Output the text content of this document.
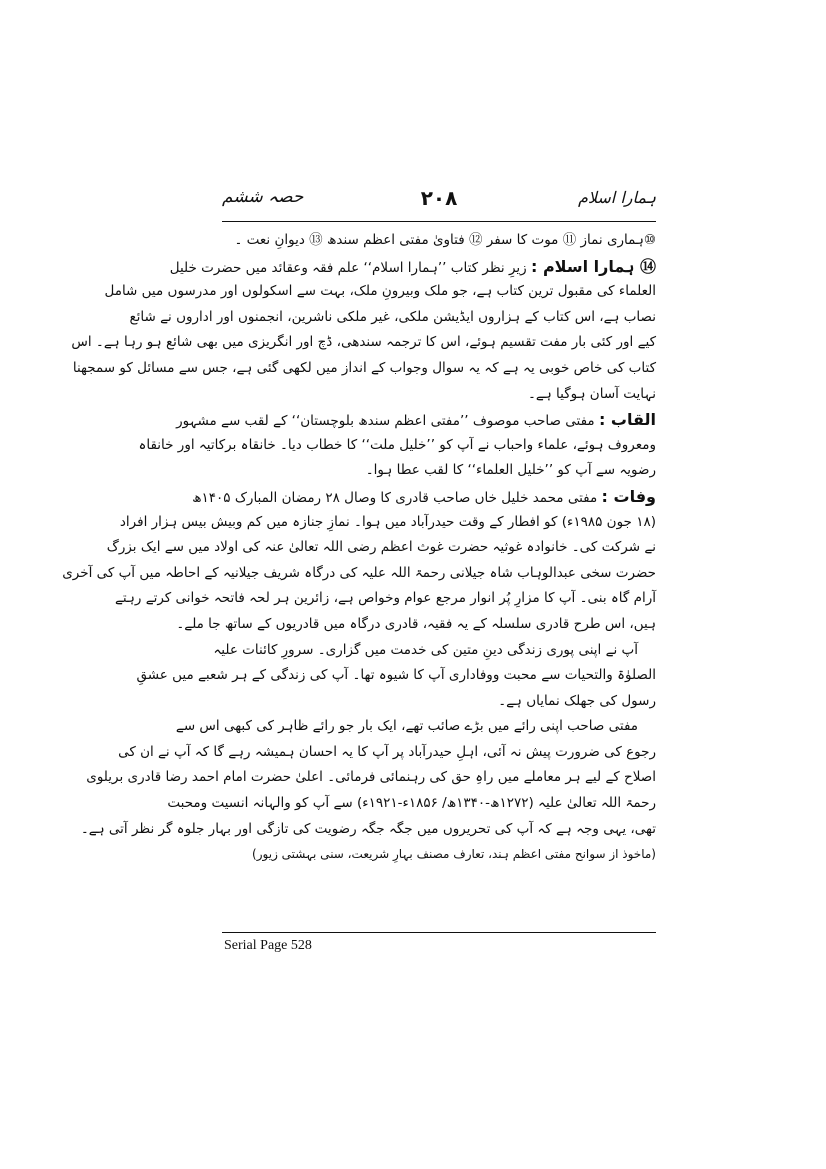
ہمارا اسلام
۲۰۸
حصہ ششم
⑩ہماری نماز ⑪ موت کا سفر ⑫ فتاویٰ مفتی اعظم سندھ ⑬ دیوانِ نعت ۔
⑭ ہمارا اسلام : زیرِ نظر کتاب ’’ہمارا اسلام‘‘ علم فقہ وعقائد میں حضرت خلیل
العلماء کی مقبول ترین کتاب ہے، جو ملک وبیرونِ ملک، بہت سے اسکولوں اور مدرسوں میں شامل
نصاب ہے، اس کتاب کے ہزاروں ایڈیشن ملکی، غیر ملکی ناشرین، انجمنوں اور اداروں نے شائع
کیے اور کئی بار مفت تقسیم ہوئے، اس کا ترجمہ سندھی، ڈچ اور انگریزی میں بھی شائع ہو رہا ہے۔ اس
کتاب کی خاص خوبی یہ ہے کہ یہ سوال وجواب کے انداز میں لکھی گئی ہے، جس سے مسائل کو سمجھنا
نہایت آسان ہوگیا ہے۔
القاب : مفتی صاحب موصوف ’’مفتی اعظم سندھ بلوچستان‘‘ کے لقب سے مشہور
ومعروف ہوئے، علماء واحباب نے آپ کو ’’خلیل ملت‘‘ کا خطاب دیا۔ خانقاہ برکاتیہ اور خانقاہ
رضویہ سے آپ کو ’’خلیل العلماء‘‘ کا لقب عطا ہوا۔
وفات : مفتی محمد خلیل خاں صاحب قادری کا وصال ۲۸ رمضان المبارک ۱۴۰۵ھ
(۱۸ جون ۱۹۸۵ء) کو افطار کے وقت حیدرآباد میں ہوا۔ نمازِ جنازہ میں کم وبیش بیس ہزار افراد
نے شرکت کی۔ خانوادہ غوثیہ حضرت غوث اعظم رضی اللہ تعالیٰ عنہ کی اولاد میں سے ایک بزرگ
حضرت سخی عبدالوہاب شاہ جیلانی رحمۃ اللہ علیہ کی درگاہ شریف جیلانیہ کے احاطہ میں آپ کی آخری
آرام گاہ بنی۔ آپ کا مزارِ پُر انوار مرجع عوام وخواص ہے، زائرین ہر لحہ فاتحہ خوانی کرتے رہتے
ہیں، اس طرح قادری سلسلہ کے یہ فقیہ، قادری درگاہ میں قادریوں کے ساتھ جا ملے۔
آپ نے اپنی پوری زندگی دینِ متین کی خدمت میں گزاری۔ سرورِ کائنات علیہ
الصلوٰۃ والتحیات سے محبت ووفاداری آپ کا شیوہ تھا۔ آپ کی زندگی کے ہر شعبے میں عشقِ
رسول کی جھلک نمایاں ہے۔
مفتی صاحب اپنی رائے میں بڑے صائب تھے، ایک بار جو رائے ظاہر کی کبھی اس سے
رجوع کی ضرورت پیش نہ آئی، اہلِ حیدرآباد پر آپ کا یہ احسان ہمیشہ رہے گا کہ آپ نے ان کی
اصلاح کے لیے ہر معاملے میں راہِ حق کی رہنمائی فرمائی۔ اعلیٰ حضرت امام احمد رضا قادری بریلوی
رحمۃ اللہ تعالیٰ علیہ (۱۲۷۲ھ-۱۳۴۰ھ/ ۱۸۵۶ء-۱۹۲۱ء) سے آپ کو والہانہ انسیت ومحبت
تھی، یہی وجہ ہے کہ آپ کی تحریروں میں جگہ جگہ رضویت کی تازگی اور بہار جلوہ گر نظر آتی ہے۔
(ماخوذ از سوانح مفتی اعظم ہند، تعارف مصنف بہارِ شریعت، سنی بہشتی زیور)
Serial Page 528
